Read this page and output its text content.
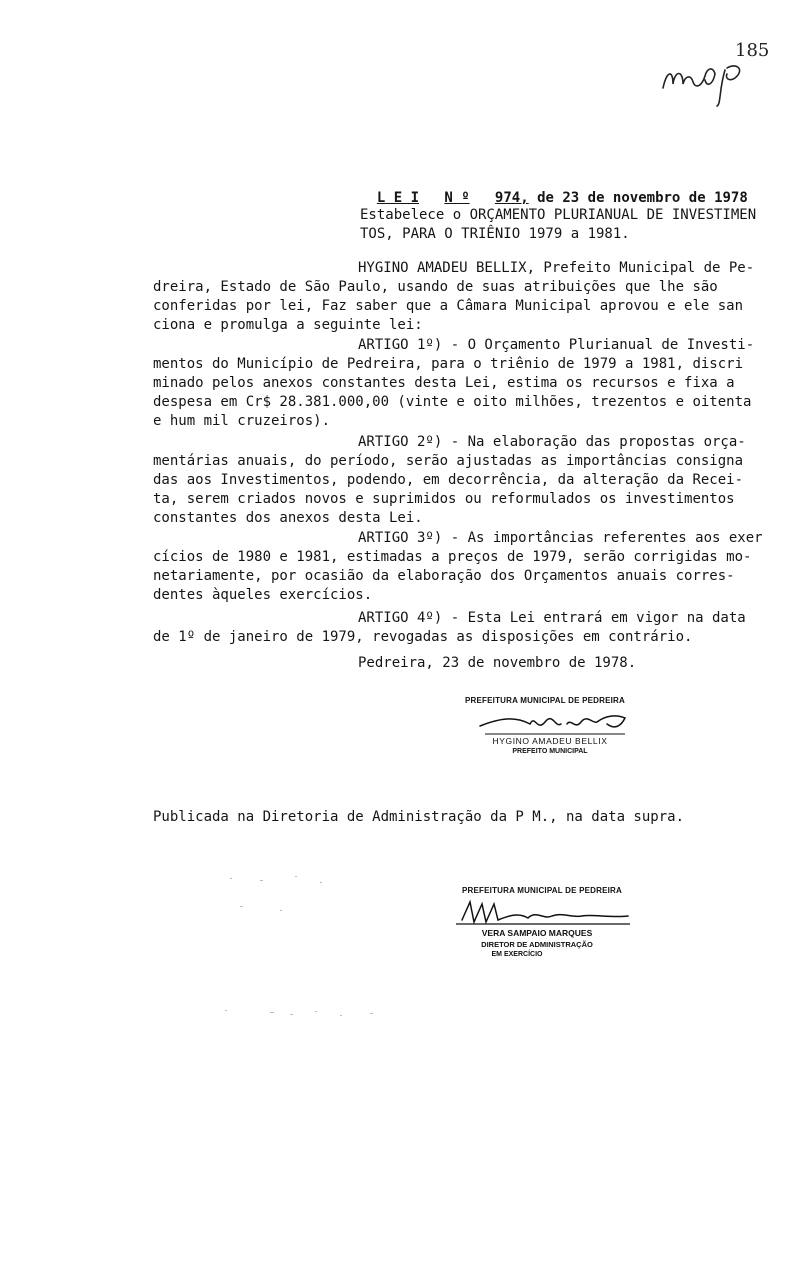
185

L E I N º 974, de 23 de novembro de 1978

Estabelece o ORÇAMENTO PLURIANUAL DE INVESTIMEN
TOS, PARA O TRIÊNIO 1979 a 1981.
HYGINO AMADEU BELLIX, Prefeito Municipal de Pe-
dreira, Estado de São Paulo, usando de suas atribuições que lhe são
conferidas por lei, Faz saber que a Câmara Municipal aprovou e ele san
ciona e promulga a seguinte lei:
ARTIGO 1º) - O Orçamento Plurianual de Investi-
mentos do Município de Pedreira, para o triênio de 1979 a 1981, discri
minado pelos anexos constantes desta Lei, estima os recursos e fixa a
despesa em Cr$ 28.381.000,00 (vinte e oito milhões, trezentos e oitenta
e hum mil cruzeiros).
ARTIGO 2º) - Na elaboração das propostas orça-
mentárias anuais, do período, serão ajustadas as importâncias consigna
das aos Investimentos, podendo, em decorrência, da alteração da Recei-
ta, serem criados novos e suprimidos ou reformulados os investimentos
constantes dos anexos desta Lei.
ARTIGO 3º) - As importâncias referentes aos exer
cícios de 1980 e 1981, estimadas a preços de 1979, serão corrigidas mo-
netariamente, por ocasião da elaboração dos Orçamentos anuais corres-
dentes àqueles exercícios.
ARTIGO 4º) - Esta Lei entrará em vigor na data
de 1º de janeiro de 1979, revogadas as disposições em contrário.
Pedreira, 23 de novembro de 1978.
PREFEITURA MUNICIPAL DE PEDREIRA
HYGINO AMADEU BELLIX
PREFEITO MUNICIPAL
Publicada na Diretoria de Administração da P M., na data supra.
PREFEITURA MUNICIPAL DE PEDREIRA
VERA SAMPAIO MARQUES
DIRETOR DE ADMINISTRAÇÃO
EM EXERCÍCIO
